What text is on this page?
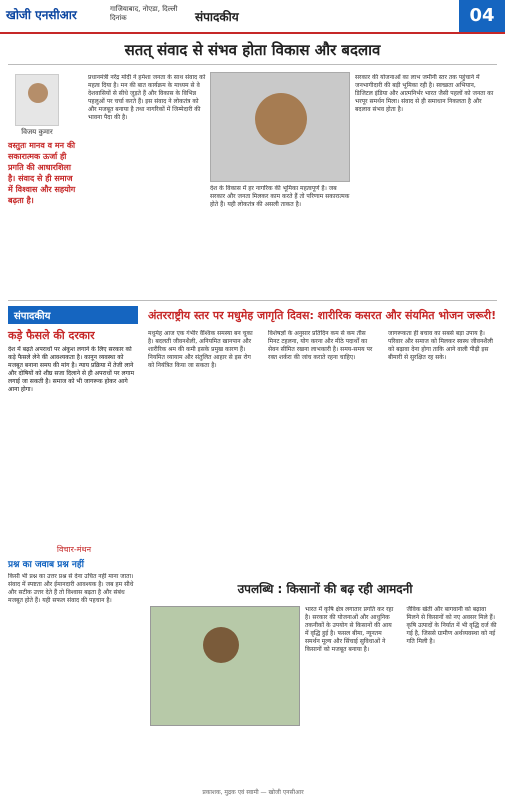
खोजी एनसीआर	गाजियाबाद, नोएडा, दिल्ली
दिनांक	संपादकीय	04
सतत् संवाद से संभव होता विकास और बदलाव
विजय कुमार
वस्तुतः मानव व मन की सकारात्मक ऊर्जा ही प्रगति की आधारशिला है। संवाद से ही समाज में विश्वास और सहयोग बढ़ता है।

प्रधानमंत्री नरेंद्र मोदी ने हमेशा जनता के साथ संवाद को महत्व दिया है। मन की बात कार्यक्रम के माध्यम से वे देशवासियों से सीधे जुड़ते हैं और विकास के विभिन्न पहलुओं पर चर्चा करते हैं। इस संवाद ने लोकतंत्र को और मजबूत बनाया है तथा नागरिकों में जिम्मेदारी की भावना पैदा की है।

देश के विकास में हर नागरिक की भूमिका महत्वपूर्ण है। जब सरकार और जनता मिलकर काम करते हैं तो परिणाम सकारात्मक होते हैं। यही लोकतंत्र की असली ताकत है।

सरकार की योजनाओं का लाभ जमीनी स्तर तक पहुंचाने में जनभागीदारी की बड़ी भूमिका रही है। स्वच्छता अभियान, डिजिटल इंडिया और आत्मनिर्भर भारत जैसी पहलों को जनता का भरपूर समर्थन मिला। संवाद से ही समाधान निकलता है और बदलाव संभव होता है।

संपादकीय
कड़े फैसले की दरकार

देश में बढ़ते अपराधों पर अंकुश लगाने के लिए सरकार को कड़े फैसले लेने की आवश्यकता है। कानून व्यवस्था को मजबूत बनाना समय की मांग है। न्याय प्रक्रिया में तेजी लाने और दोषियों को शीघ्र सजा दिलाने से ही अपराधों पर लगाम लगाई जा सकती है। समाज को भी जागरूक होकर आगे आना होगा।

अंतरराष्ट्रीय स्तर पर मधुमेह जागृति दिवस: शारीरिक कसरत और संयमित भोजन जरूरी!

मधुमेह आज एक गंभीर वैश्विक समस्या बन चुका है। बदलती जीवनशैली, अनियमित खानपान और शारीरिक श्रम की कमी इसके प्रमुख कारण हैं। नियमित व्यायाम और संतुलित आहार से इस रोग को नियंत्रित किया जा सकता है।

विशेषज्ञों के अनुसार प्रतिदिन कम से कम तीस मिनट टहलना, योग करना और मीठे पदार्थों का सेवन सीमित रखना लाभकारी है। समय-समय पर रक्त शर्करा की जांच कराते रहना चाहिए।

जागरूकता ही बचाव का सबसे बड़ा उपाय है। परिवार और समाज को मिलकर स्वस्थ जीवनशैली को बढ़ावा देना होगा ताकि आने वाली पीढ़ी इस बीमारी से सुरक्षित रह सके।

विचार-मंथन
प्रश्न का जवाब प्रश्न नहीं
किसी भी प्रश्न का उत्तर प्रश्न से देना उचित नहीं माना जाता। संवाद में स्पष्टता और ईमानदारी आवश्यक है। जब हम सीधे और सटीक उत्तर देते हैं तो विश्वास बढ़ता है और संबंध मजबूत होते हैं। यही सफल संवाद की पहचान है।
उपलब्धि : किसानों की बढ़ रही आमदनी

भारत में कृषि क्षेत्र लगातार प्रगति कर रहा है। सरकार की योजनाओं और आधुनिक तकनीकों के उपयोग से किसानों की आय में वृद्धि हुई है। फसल बीमा, न्यूनतम समर्थन मूल्य और सिंचाई सुविधाओं ने किसानों को मजबूत बनाया है।

जैविक खेती और बागवानी को बढ़ावा मिलने से किसानों को नए अवसर मिले हैं। कृषि उत्पादों के निर्यात में भी वृद्धि दर्ज की गई है, जिससे ग्रामीण अर्थव्यवस्था को नई गति मिली है।

प्रकाशक, मुद्रक एवं स्वामी — खोजी एनसीआर
